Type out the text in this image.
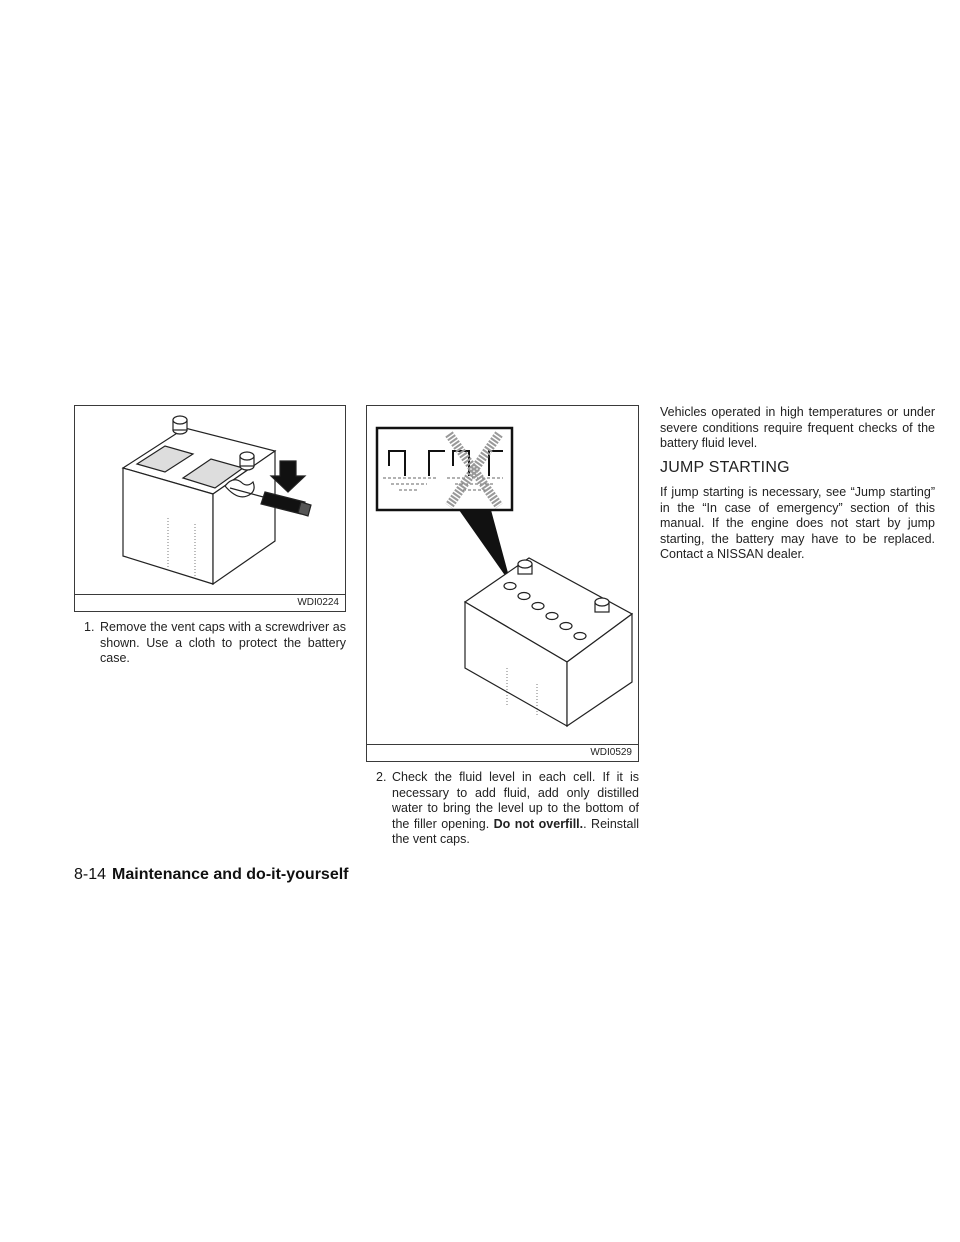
WDI0224
1. Remove the vent caps with a screwdriver as shown. Use a cloth to protect the battery case.
WDI0529
2. Check the fluid level in each cell. If it is necessary to add fluid, add only distilled water to bring the level up to the bottom of the filler opening. Do not overfill.. Reinstall the vent caps.
Vehicles operated in high temperatures or under severe conditions require frequent checks of the battery fluid level.
JUMP STARTING
If jump starting is necessary, see “Jump starting” in the “In case of emergency” section of this manual. If the engine does not start by jump starting, the battery may have to be replaced. Contact a NISSAN dealer.
8-14 Maintenance and do-it-yourself
